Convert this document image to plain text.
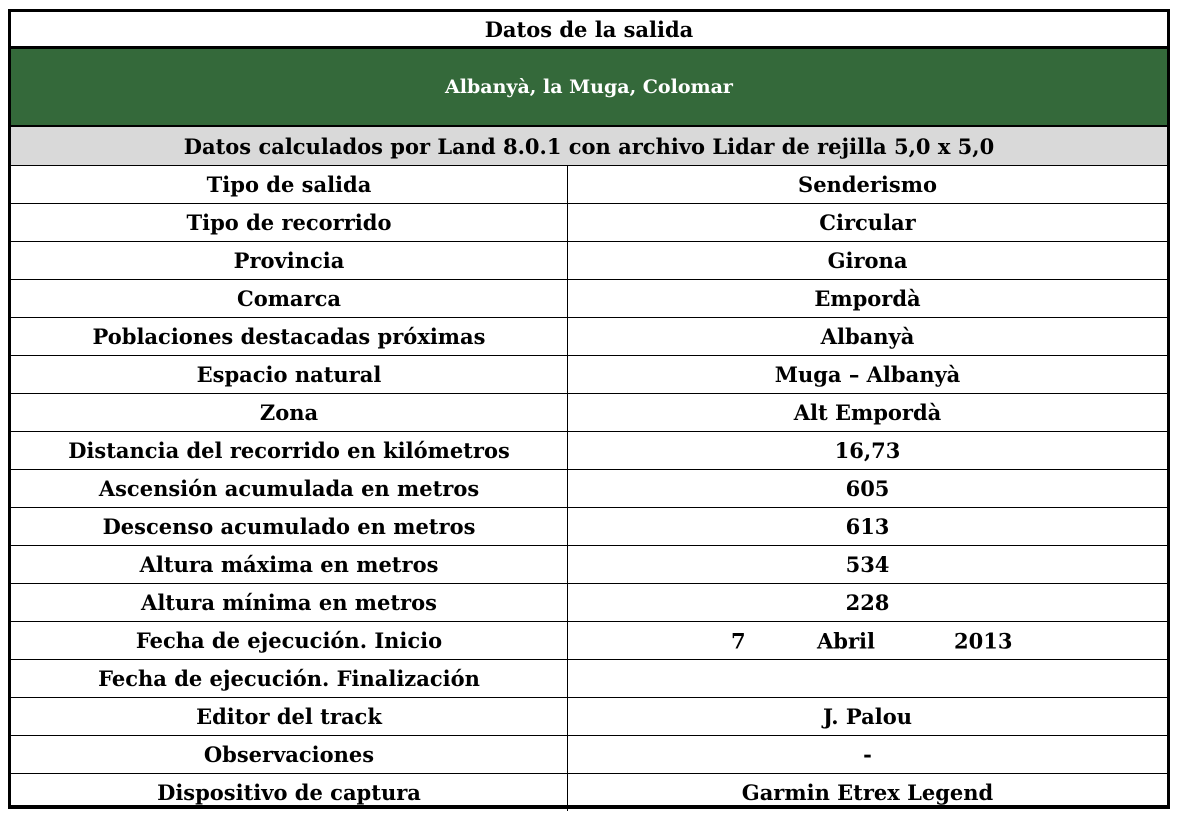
Datos de la salida
Albanyà, la Muga, Colomar
Datos calculados por Land 8.0.1 con archivo Lidar de rejilla 5,0 x 5,0
Tipo de salida	Senderismo
Tipo de recorrido	Circular
Provincia	Girona
Comarca	Empordà
Poblaciones destacadas próximas	Albanyà
Espacio natural	Muga – Albanyà
Zona	Alt Empordà
Distancia del recorrido en kilómetros	16,73
Ascensión acumulada en metros	605
Descenso acumulado en metros	613
Altura máxima en metros	534
Altura mínima en metros	228
Fecha de ejecución. Inicio	7	Abril	2013
Fecha de ejecución. Finalización
Editor del track	J. Palou
Observaciones	-
Dispositivo de captura	Garmin Etrex Legend
